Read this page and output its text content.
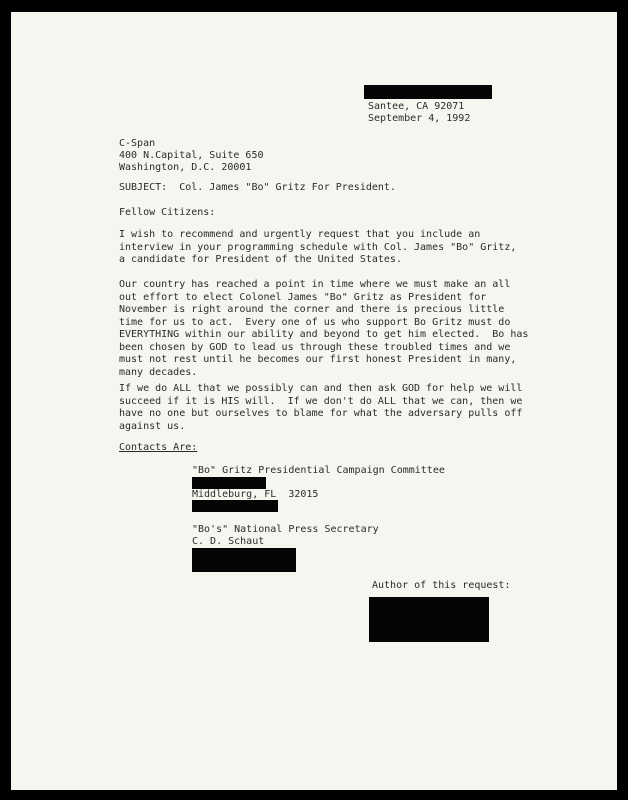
Santee, CA 92071
September 4, 1992
C-Span
400 N.Capital, Suite 650
Washington, D.C. 20001
SUBJECT:  Col. James "Bo" Gritz For President.
Fellow Citizens:
I wish to recommend and urgently request that you include an
interview in your programming schedule with Col. James "Bo" Gritz,
a candidate for President of the United States.
Our country has reached a point in time where we must make an all
out effort to elect Colonel James "Bo" Gritz as President for
November is right around the corner and there is precious little
time for us to act.  Every one of us who support Bo Gritz must do
EVERYTHING within our ability and beyond to get him elected.  Bo has
been chosen by GOD to lead us through these troubled times and we
must not rest until he becomes our first honest President in many,
many decades.
If we do ALL that we possibly can and then ask GOD for help we will
succeed if it is HIS will.  If we don't do ALL that we can, then we
have no one but ourselves to blame for what the adversary pulls off
against us.
Contacts Are:
"Bo" Gritz Presidential Campaign Committee
Middleburg, FL  32015
"Bo's" National Press Secretary
C. D. Schaut
Author of this request:
